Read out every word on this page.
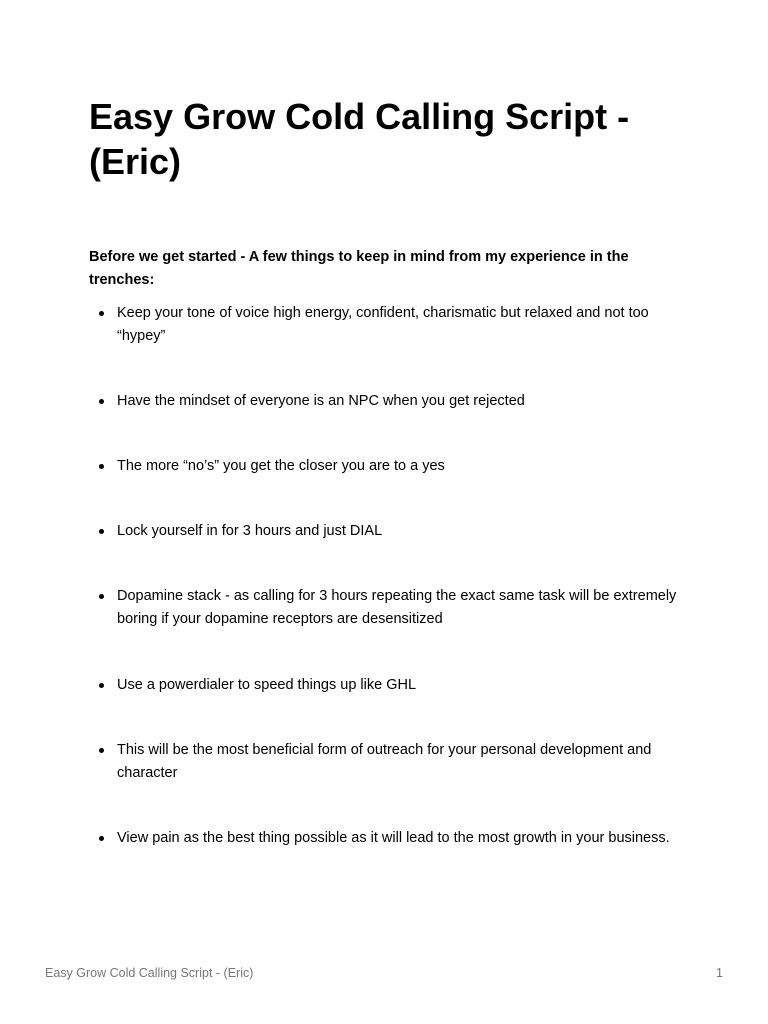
Easy Grow Cold Calling Script - (Eric)

Before we get started - A few things to keep in mind from my experience in the trenches:

Keep your tone of voice high energy, confident, charismatic but relaxed and not too “hypey”
Have the mindset of everyone is an NPC when you get rejected
The more “no’s” you get the closer you are to a yes
Lock yourself in for 3 hours and just DIAL
Dopamine stack - as calling for 3 hours repeating the exact same task will be extremely boring if your dopamine receptors are desensitized
Use a powerdialer to speed things up like GHL
This will be the most beneficial form of outreach for your personal development and character
View pain as the best thing possible as it will lead to the most growth in your business.
Easy Grow Cold Calling Script - (Eric)	1
